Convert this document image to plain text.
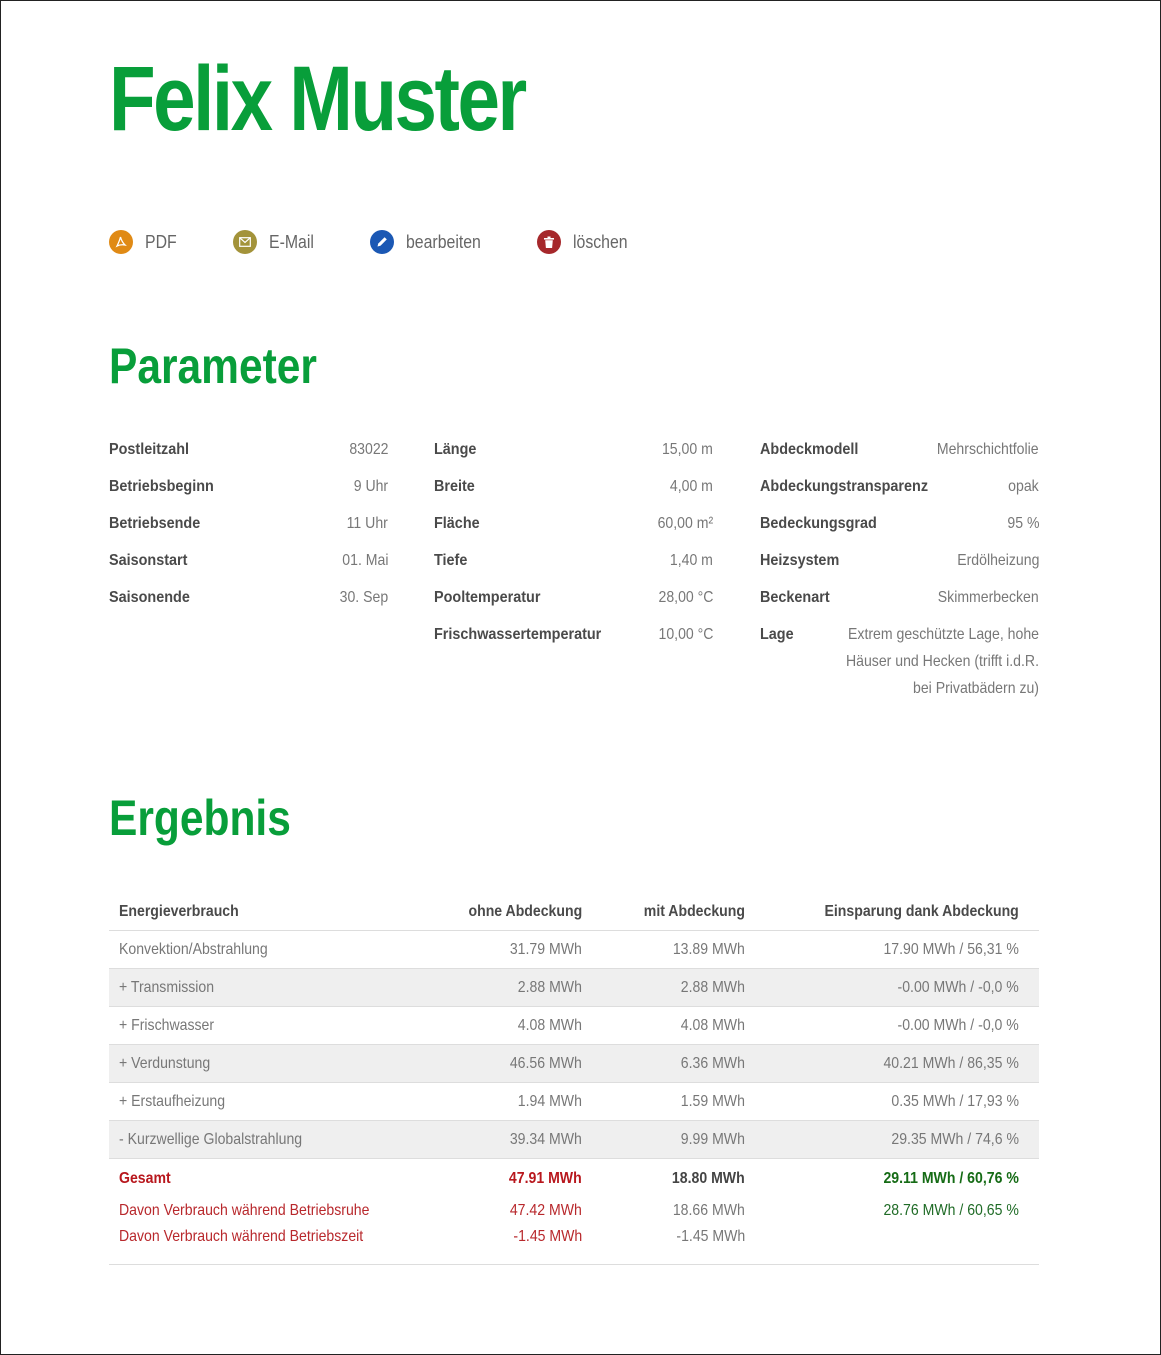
Felix Muster
PDF	E-Mail	bearbeiten	löschen
Parameter
Postleitzahl	83022
Betriebsbeginn	9 Uhr
Betriebsende	11 Uhr
Saisonstart	01. Mai
Saisonende	30. Sep
Länge	15,00 m
Breite	4,00 m
Fläche	60,00 m²
Tiefe	1,40 m
Pooltemperatur	28,00 °C
Frischwassertemperatur	10,00 °C
Abdeckmodell	Mehrschichtfolie
Abdeckungstransparenz	opak
Bedeckungsgrad	95 %
Heizsystem	Erdölheizung
Beckenart	Skimmerbecken
Lage	Extrem geschützte Lage, hohe Häuser und Hecken (trifft i.d.R. bei Privatbädern zu)
Ergebnis
Energieverbrauch	ohne Abdeckung	mit Abdeckung	Einsparung dank Abdeckung
Konvektion/Abstrahlung	31.79 MWh	13.89 MWh	17.90 MWh / 56,31 %
+ Transmission	2.88 MWh	2.88 MWh	-0.00 MWh / -0,0 %
+ Frischwasser	4.08 MWh	4.08 MWh	-0.00 MWh / -0,0 %
+ Verdunstung	46.56 MWh	6.36 MWh	40.21 MWh / 86,35 %
+ Erstaufheizung	1.94 MWh	1.59 MWh	0.35 MWh / 17,93 %
- Kurzwellige Globalstrahlung	39.34 MWh	9.99 MWh	29.35 MWh / 74,6 %
Gesamt	47.91 MWh	18.80 MWh	29.11 MWh / 60,76 %
Davon Verbrauch während Betriebsruhe	47.42 MWh	18.66 MWh	28.76 MWh / 60,65 %
Davon Verbrauch während Betriebszeit	-1.45 MWh	-1.45 MWh	
